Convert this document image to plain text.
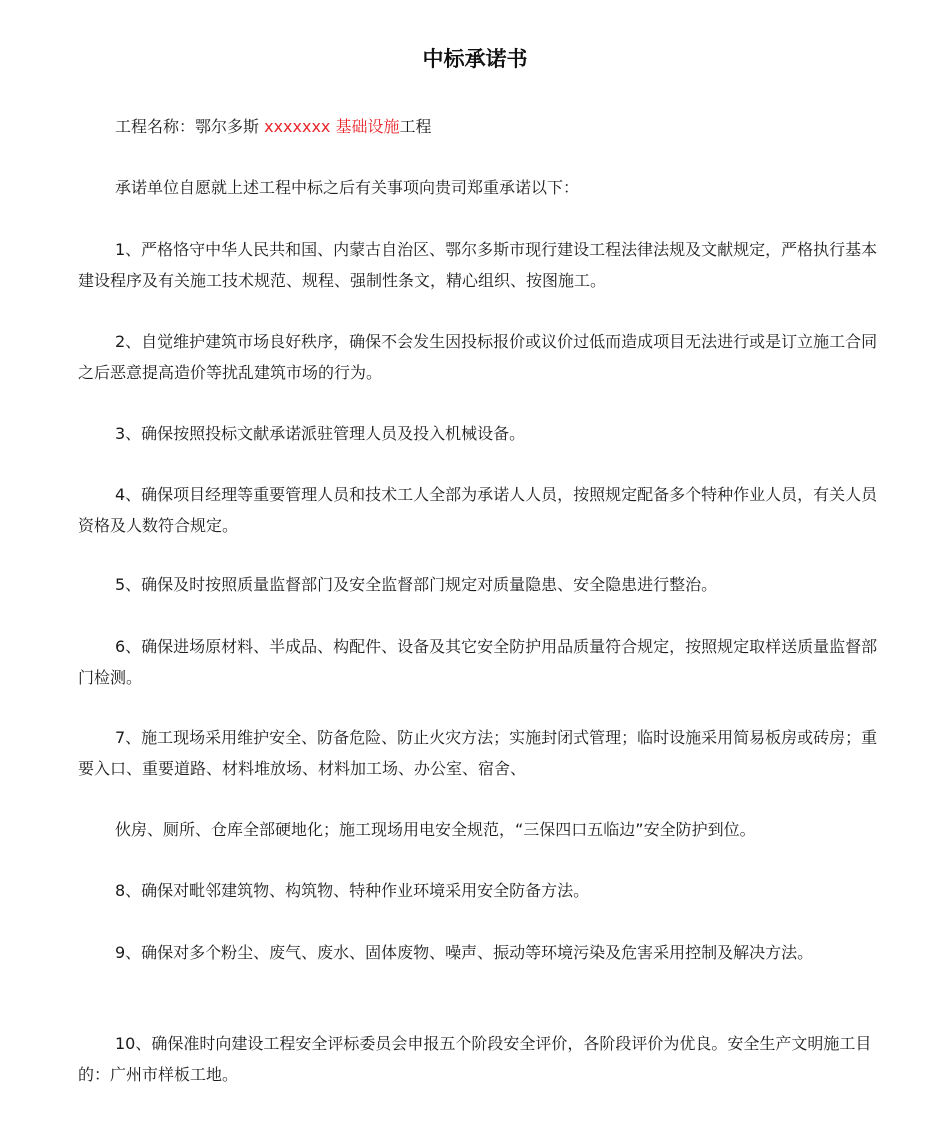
中标承诺书

工程名称：鄂尔多斯 xxxxxxx 基础设施工程

承诺单位自愿就上述工程中标之后有关事项向贵司郑重承诺以下：

1、严格恪守中华人民共和国、内蒙古自治区、鄂尔多斯市现行建设工程法律法规及文献规定，严格执行基本建设程序及有关施工技术规范、规程、强制性条文，精心组织、按图施工。

2、自觉维护建筑市场良好秩序，确保不会发生因投标报价或议价过低而造成项目无法进行或是订立施工合同之后恶意提高造价等扰乱建筑市场的行为。

3、确保按照投标文献承诺派驻管理人员及投入机械设备。

4、确保项目经理等重要管理人员和技术工人全部为承诺人人员，按照规定配备多个特种作业人员，有关人员资格及人数符合规定。

5、确保及时按照质量监督部门及安全监督部门规定对质量隐患、安全隐患进行整治。

6、确保进场原材料、半成品、构配件、设备及其它安全防护用品质量符合规定，按照规定取样送质量监督部门检测。

7、施工现场采用维护安全、防备危险、防止火灾方法；实施封闭式管理；临时设施采用简易板房或砖房；重要入口、重要道路、材料堆放场、材料加工场、办公室、宿舍、

伙房、厕所、仓库全部硬地化；施工现场用电安全规范，“三保四口五临边”安全防护到位。

8、确保对毗邻建筑物、构筑物、特种作业环境采用安全防备方法。

9、确保对多个粉尘、废气、废水、固体废物、噪声、振动等环境污染及危害采用控制及解决方法。

10、确保准时向建设工程安全评标委员会申报五个阶段安全评价，各阶段评价为优良。安全生产文明施工目的：广州市样板工地。
